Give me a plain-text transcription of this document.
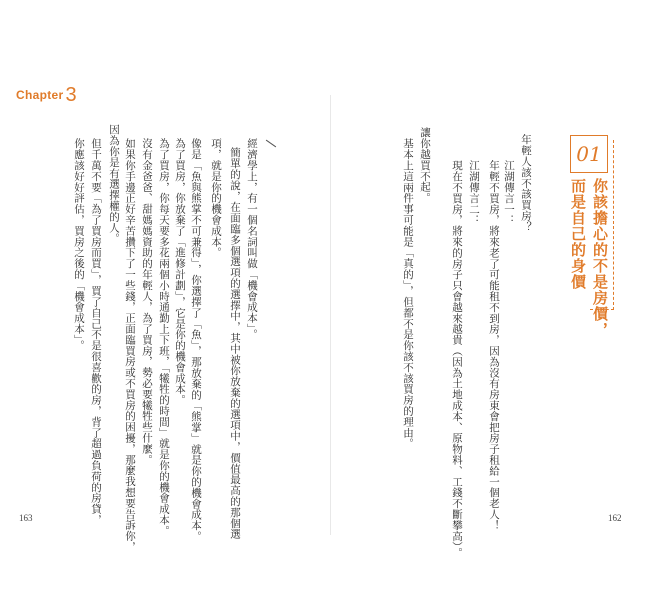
Chapter 3
01
你該擔心的不是房價，
而是自己的身價
年輕人該不該買房？
江湖傳言一：
年輕不買房，將來老了可能租不到房，因為沒有房東會把房子租給一個老人！
江湖傳言二：
現在不買房，將來的房子只會越來越貴（因為土地成本、原物料、工錢不斷攀高）。
讓你越買不起。
基本上這兩件事可能是「真的」，但都不是你該不該買房的理由。
經濟學上，有一個名詞叫做「機會成本」。
簡單的說，在面臨多個選項的選擇中，其中被你放棄的選項中，價值最高的那個選
項，就是你的機會成本。
像是「魚與熊掌不可兼得」，你選擇了「魚」，那放棄的「熊掌」就是你的機會成本。
為了買房，你放棄了「進修計劃」，它是你的機會成本。
為了買房，你每天要多花兩個小時通勤上下班，「犧牲的時間」就是你的機會成本。
沒有金爸爸、甜媽媽資助的年輕人，為了買房，勢必要犧牲些什麼。
如果你手邊正好辛苦攢下了一些錢，正面臨買房或不買房的困擾，那麼我想要告訴你，
因為你是有選擇權的人。
但千萬不要「為了買房而買」，買了自己不是很喜歡的房，背了超過負荷的房貸，
你應該好好評估，買房之後的「機會成本」。
163	162
